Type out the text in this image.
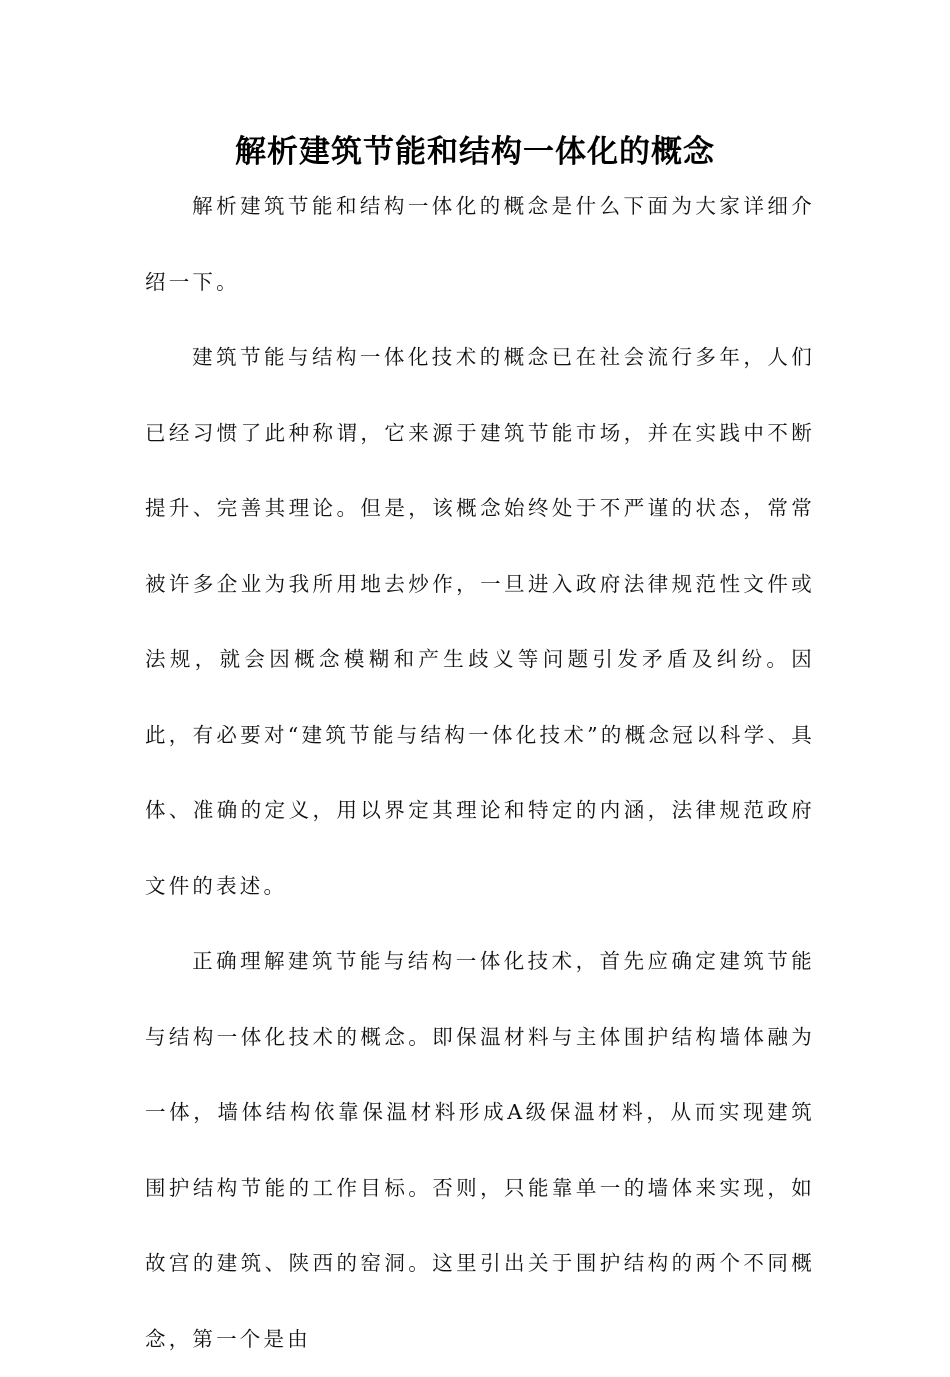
解析建筑节能和结构一体化的概念

解析建筑节能和结构一体化的概念是什么下面为大家详细介绍一下。

建筑节能与结构一体化技术的概念已在社会流行多年，人们已经习惯了此种称谓，它来源于建筑节能市场，并在实践中不断提升、完善其理论。但是，该概念始终处于不严谨的状态，常常被许多企业为我所用地去炒作，一旦进入政府法律规范性文件或法规，就会因概念模糊和产生歧义等问题引发矛盾及纠纷。因此，有必要对“建筑节能与结构一体化技术”的概念冠以科学、具体、准确的定义，用以界定其理论和特定的内涵，法律规范政府文件的表述。

正确理解建筑节能与结构一体化技术，首先应确定建筑节能与结构一体化技术的概念。即保温材料与主体围护结构墙体融为一体，墙体结构依靠保温材料形成A级保温材料，从而实现建筑围护结构节能的工作目标。否则，只能靠单一的墙体来实现，如故宫的建筑、陕西的窑洞。这里引出关于围护结构的两个不同概念，第一个是由
